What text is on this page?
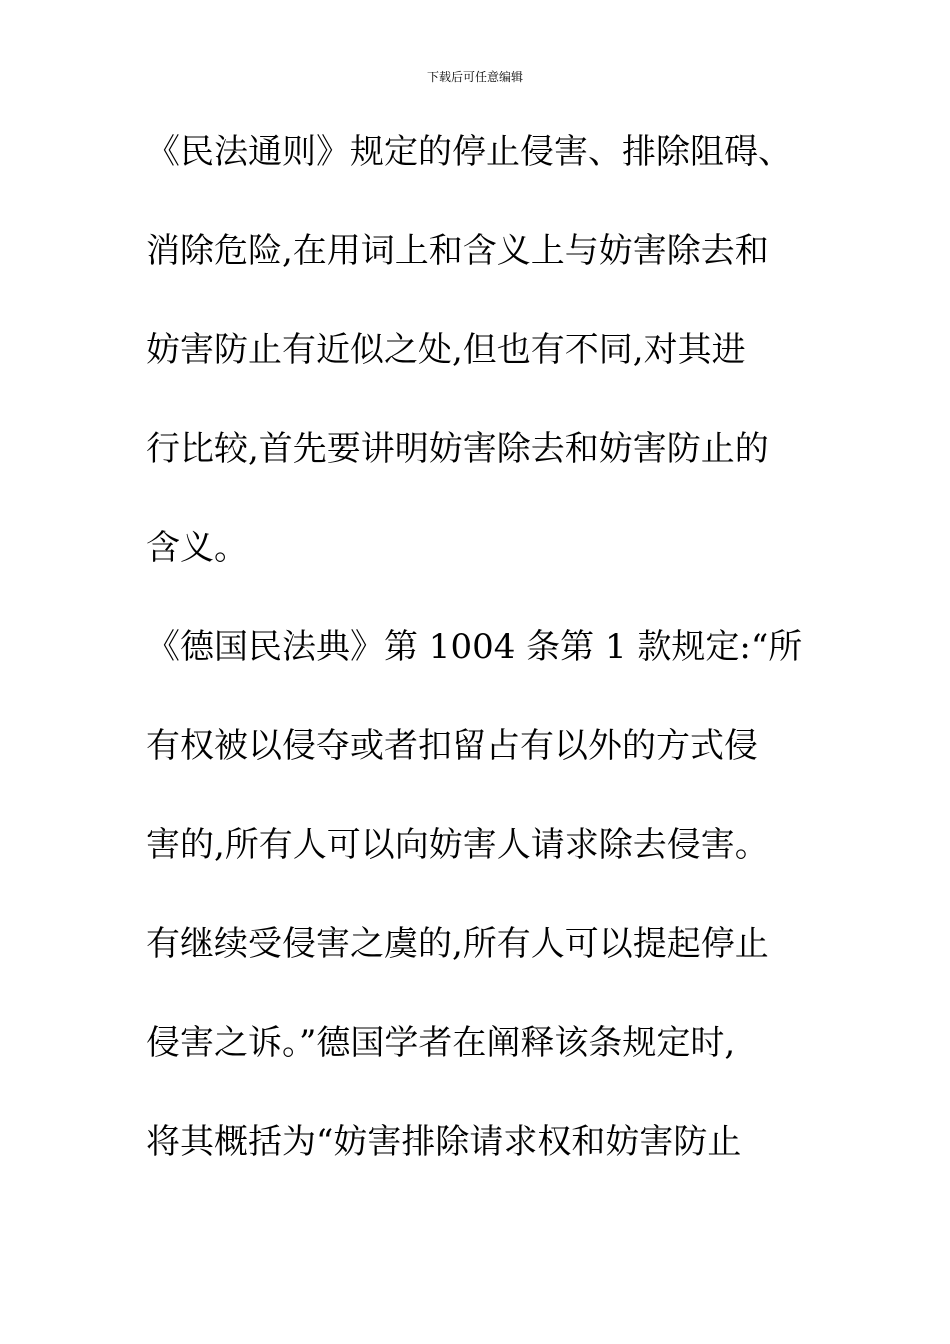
下载后可任意编辑
《民法通则》规定的停止侵害、排除阻碍、
消除危险,在用词上和含义上与妨害除去和
妨害防止有近似之处,但也有不同,对其进
行比较,首先要讲明妨害除去和妨害防止的
含义。
《德国民法典》第 1004 条第 1 款规定:“所
有权被以侵夺或者扣留占有以外的方式侵
害的,所有人可以向妨害人请求除去侵害。
有继续受侵害之虞的,所有人可以提起停止
侵害之诉。”德国学者在阐释该条规定时,
将其概括为“妨害排除请求权和妨害防止
